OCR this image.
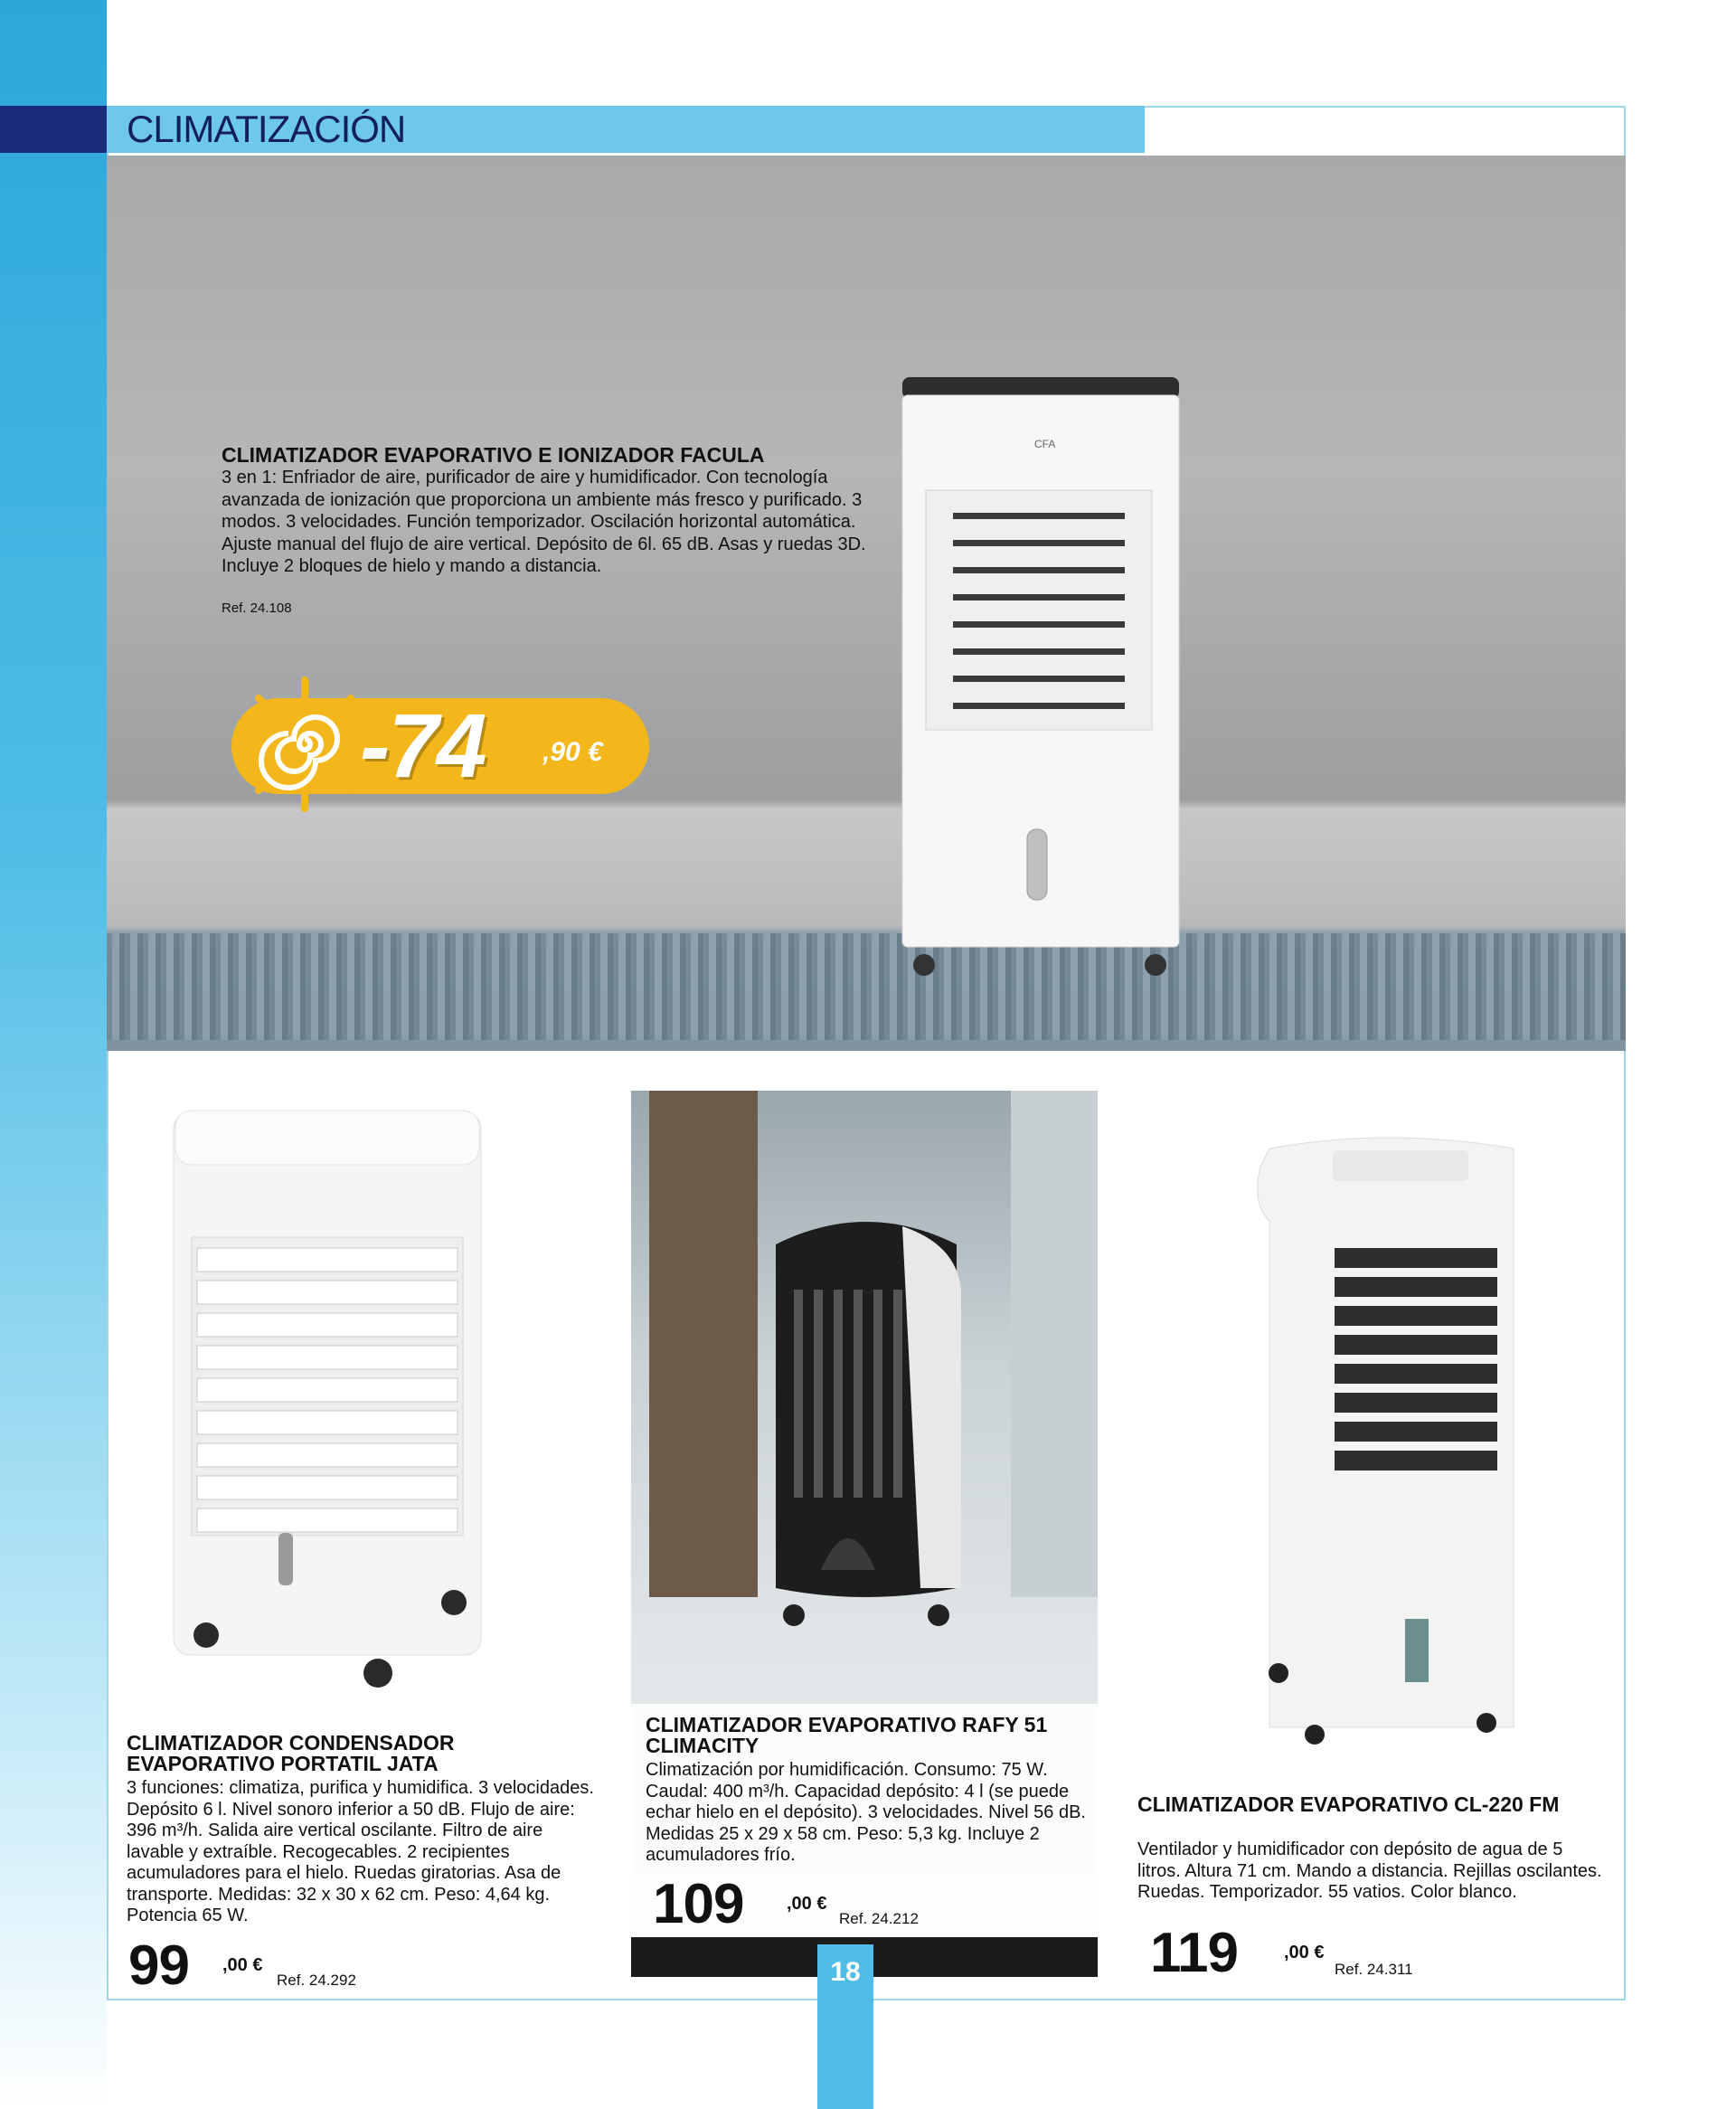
CLIMATIZACIÓN
CFA
CLIMATIZADOR EVAPORATIVO E IONIZADOR FACULA
3 en 1: Enfriador de aire, purificador de aire y humidificador. Con tecnología avanzada de ionización que proporciona un ambiente más fresco y purificado. 3 modos. 3 velocidades. Función temporizador. Oscilación horizontal automática. Ajuste manual del flujo de aire vertical. Depósito de 6l. 65 dB. Asas y ruedas 3D. Incluye 2 bloques de hielo y mando a distancia.
Ref. 24.108
-74 ,90 €
CLIMATIZADOR CONDENSADOR EVAPORATIVO PORTATIL JATA
3 funciones: climatiza, purifica y humidifica. 3 velocidades. Depósito 6 l. Nivel sonoro inferior a 50 dB. Flujo de aire: 396 m³/h. Salida aire vertical oscilante. Filtro de aire lavable y extraíble. Recogecables. 2 recipientes acumuladores para el hielo. Ruedas giratorias. Asa de transporte. Medidas: 32 x 30 x 62 cm. Peso: 4,64 kg. Potencia 65 W.
99 ,00 €
Ref. 24.292
CLIMATIZADOR EVAPORATIVO RAFY 51 CLIMACITY
Climatización por humidificación. Consumo: 75 W. Caudal: 400 m³/h. Capacidad depósito: 4 l (se puede echar hielo en el depósito). 3 velocidades. Nivel 56 dB. Medidas 25 x 29 x 58 cm. Peso: 5,3 kg. Incluye 2 acumuladores frío.
109 ,00 €
Ref. 24.212
CLIMATIZADOR EVAPORATIVO CL-220 FM
Ventilador y humidificador con depósito de agua de 5 litros. Altura 71 cm. Mando a distancia. Rejillas oscilantes. Ruedas. Temporizador. 55 vatios. Color blanco.
119	,00 €
Ref. 24.311
18
